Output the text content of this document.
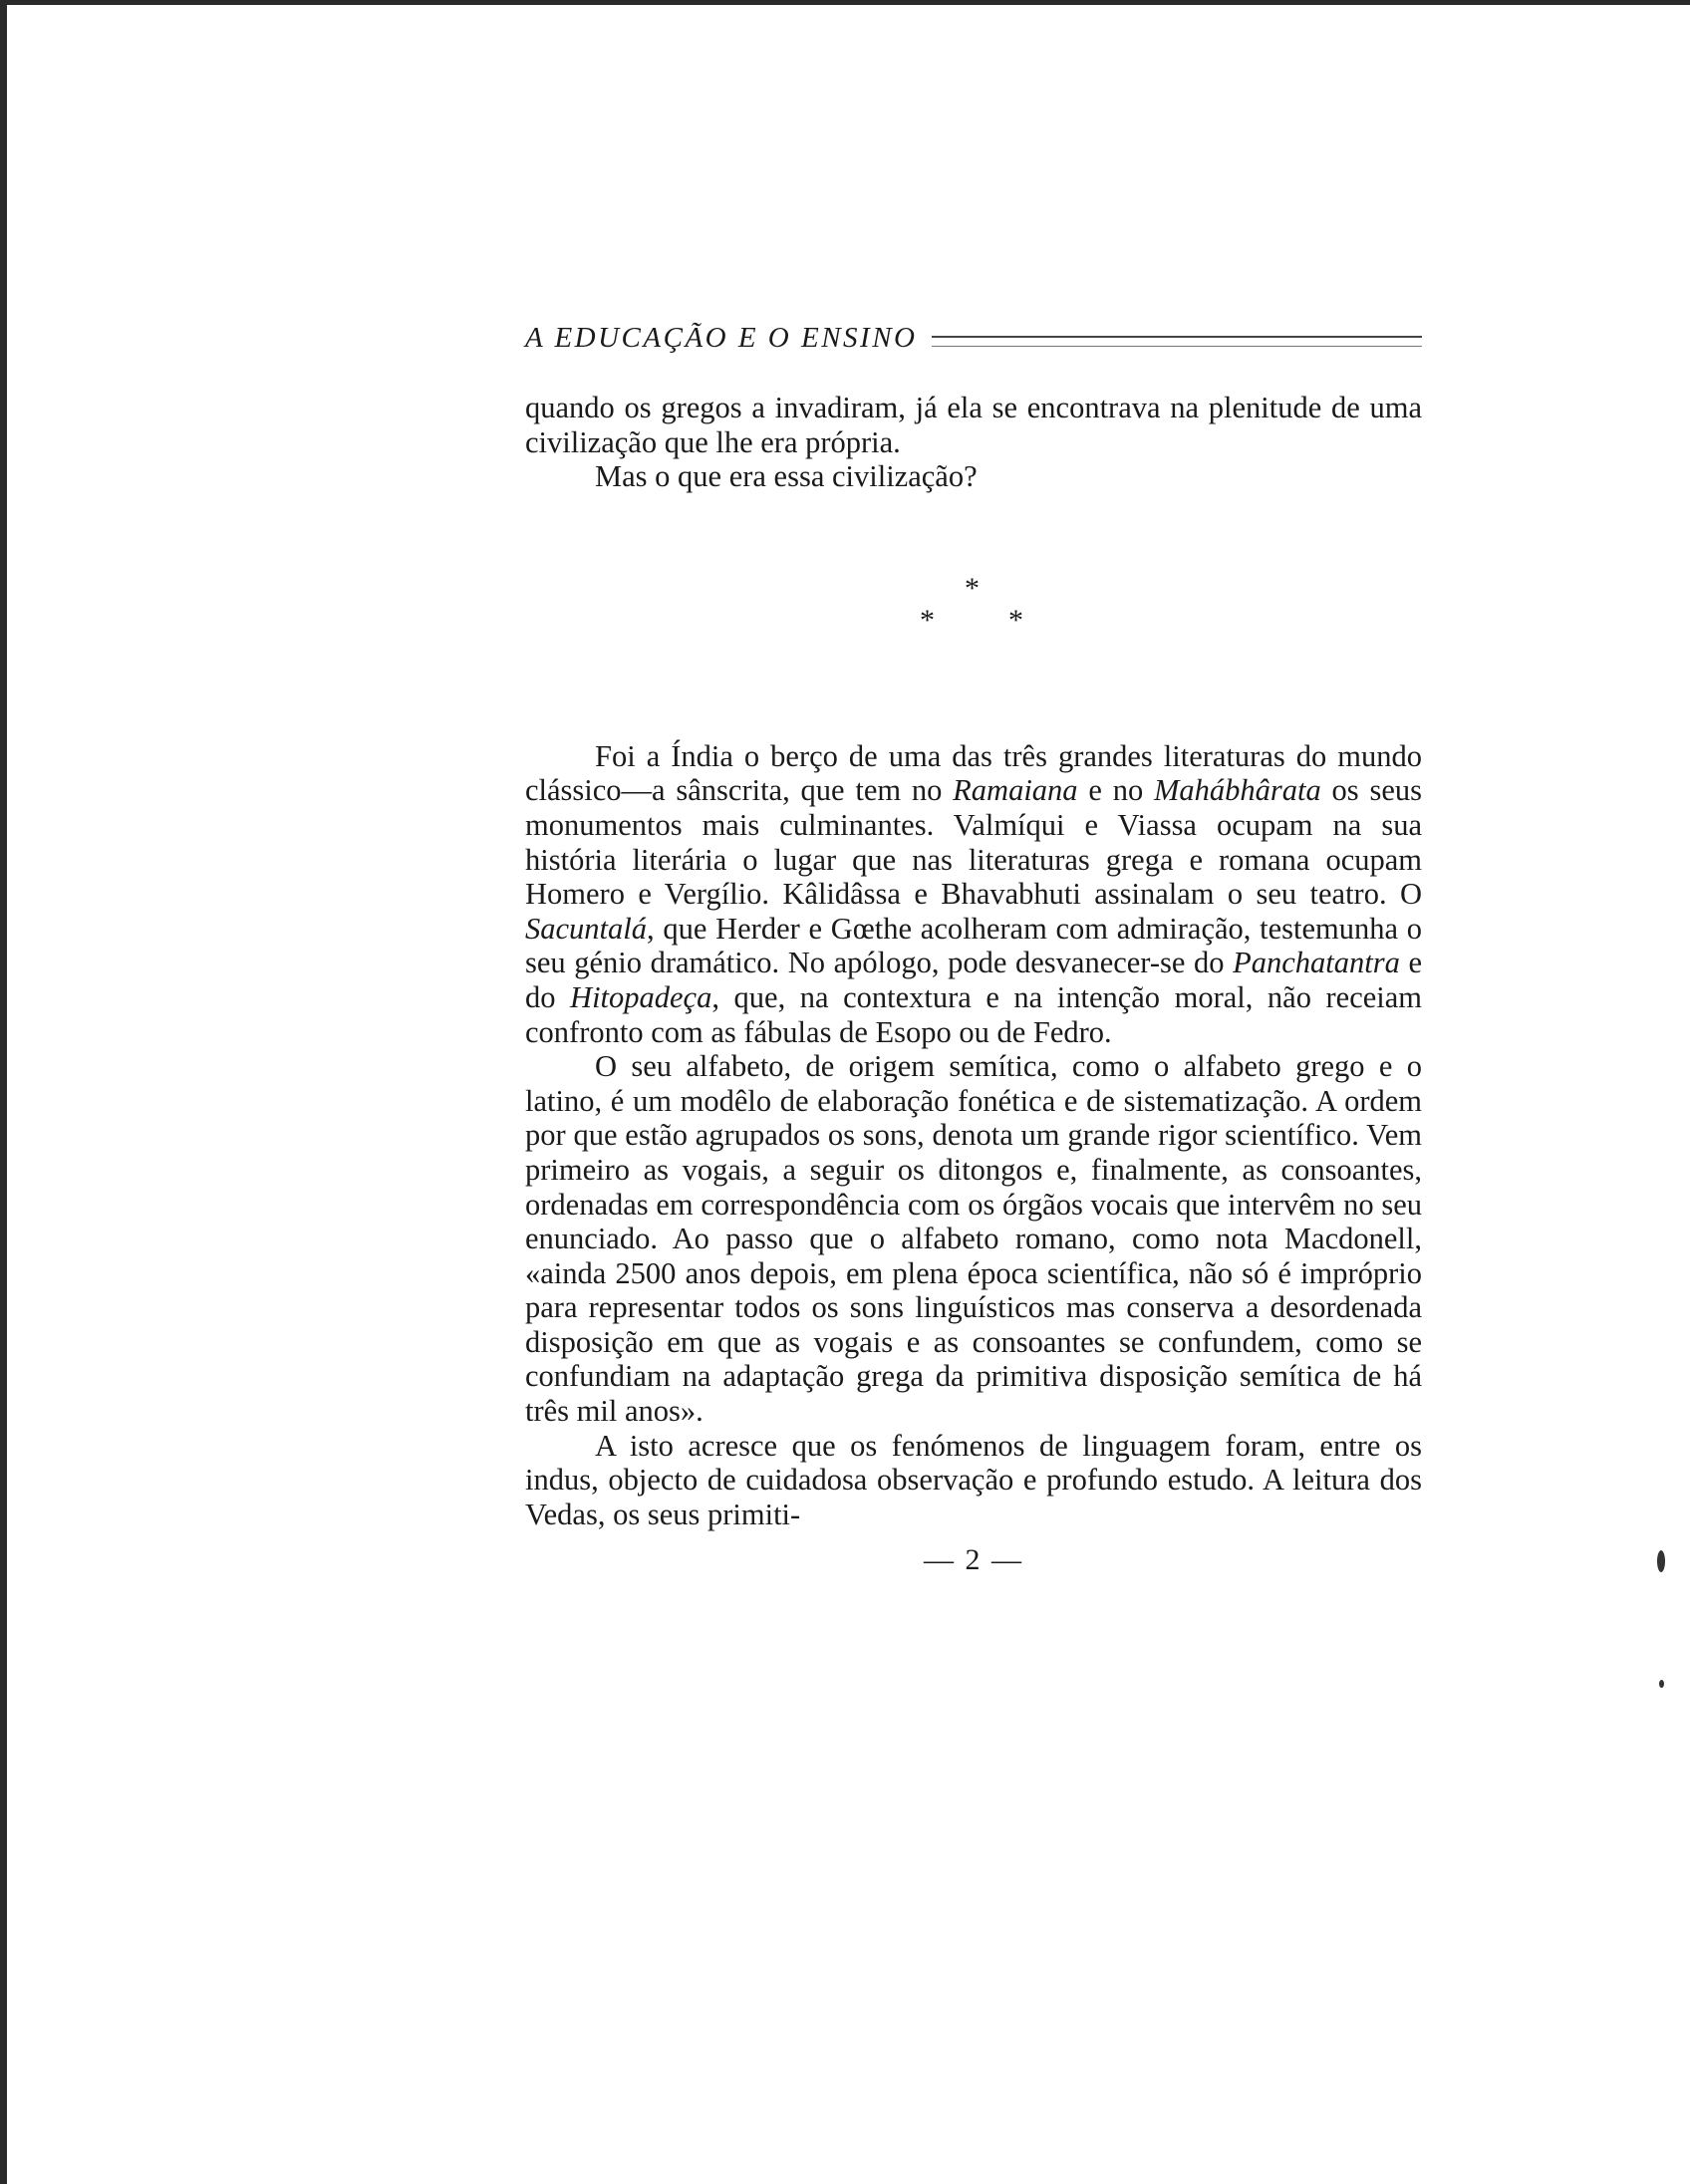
A EDUCAÇÃO E O ENSINO

quando os gregos a invadiram, já ela se encontrava na plenitude de uma civilização que lhe era própria.

Mas o que era essa civilização?

*
* *

Foi a Índia o berço de uma das três grandes literaturas do mundo clássico—a sânscrita, que tem no Ramaiana e no Mahábhârata os seus monumentos mais culminantes. Valmíqui e Viassa ocupam na sua história literária o lugar que nas literaturas grega e romana ocupam Homero e Vergílio. Kâlidâssa e Bhavabhuti assinalam o seu teatro. O Sacuntalá, que Herder e Gœthe acolheram com admiração, testemunha o seu génio dramático. No apólogo, pode desvanecer-se do Panchatantra e do Hitopadeça, que, na contextura e na intenção moral, não receiam confronto com as fábulas de Esopo ou de Fedro.

O seu alfabeto, de origem semítica, como o alfabeto grego e o latino, é um modêlo de elaboração fonética e de sistematização. A ordem por que estão agrupados os sons, denota um grande rigor scientífico. Vem primeiro as vogais, a seguir os ditongos e, finalmente, as consoantes, ordenadas em correspondência com os órgãos vocais que intervêm no seu enunciado. Ao passo que o alfabeto romano, como nota Macdonell, «ainda 2500 anos depois, em plena época scientífica, não só é impróprio para representar todos os sons linguísticos mas conserva a desordenada disposição em que as vogais e as consoantes se confundem, como se confundiam na adaptação grega da primitiva disposição semítica de há três mil anos».

A isto acresce que os fenómenos de linguagem foram, entre os indus, objecto de cuidadosa observação e profundo estudo. A leitura dos Vedas, os seus primiti-

— 2 —
